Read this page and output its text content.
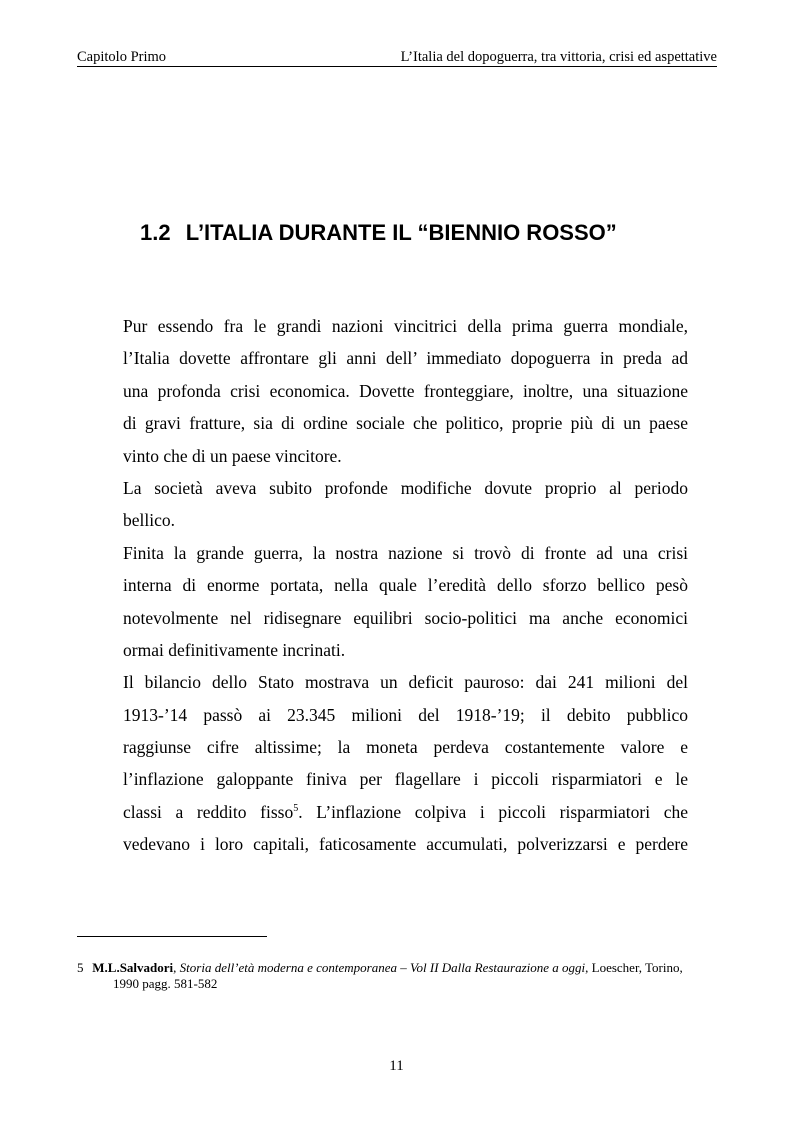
Capitolo Primo	L’Italia del dopoguerra, tra vittoria, crisi ed aspettative
1.2 L’ITALIA DURANTE IL “BIENNIO ROSSO”

Pur essendo fra le grandi nazioni vincitrici della prima guerra mondiale,
l’Italia dovette affrontare gli anni dell’ immediato dopoguerra in preda ad
una profonda crisi economica. Dovette fronteggiare, inoltre, una situazione
di gravi fratture, sia di ordine sociale che politico, proprie più di un paese
vinto che di un paese vincitore.

La società aveva subito profonde modifiche dovute proprio al periodo
bellico.

Finita la grande guerra, la nostra nazione si trovò di fronte ad una crisi
interna di enorme portata, nella quale l’eredità dello sforzo bellico pesò
notevolmente nel ridisegnare equilibri socio-politici ma anche economici
ormai definitivamente incrinati.

Il bilancio dello Stato mostrava un deficit pauroso: dai 241 milioni del
1913-’14 passò ai 23.345 milioni del 1918-’19; il debito pubblico
raggiunse cifre altissime; la moneta perdeva costantemente valore e
l’inflazione galoppante finiva per flagellare i piccoli risparmiatori e le
classi a reddito fisso$^5$. L’inflazione colpiva i piccoli risparmiatori che
vedevano i loro capitali, faticosamente accumulati, polverizzarsi e perdere

5 M.L.Salvadori, Storia dell’età moderna e contemporanea – Vol II Dalla Restaurazione a oggi, Loescher, Torino,
1990 pagg. 581-582
11
